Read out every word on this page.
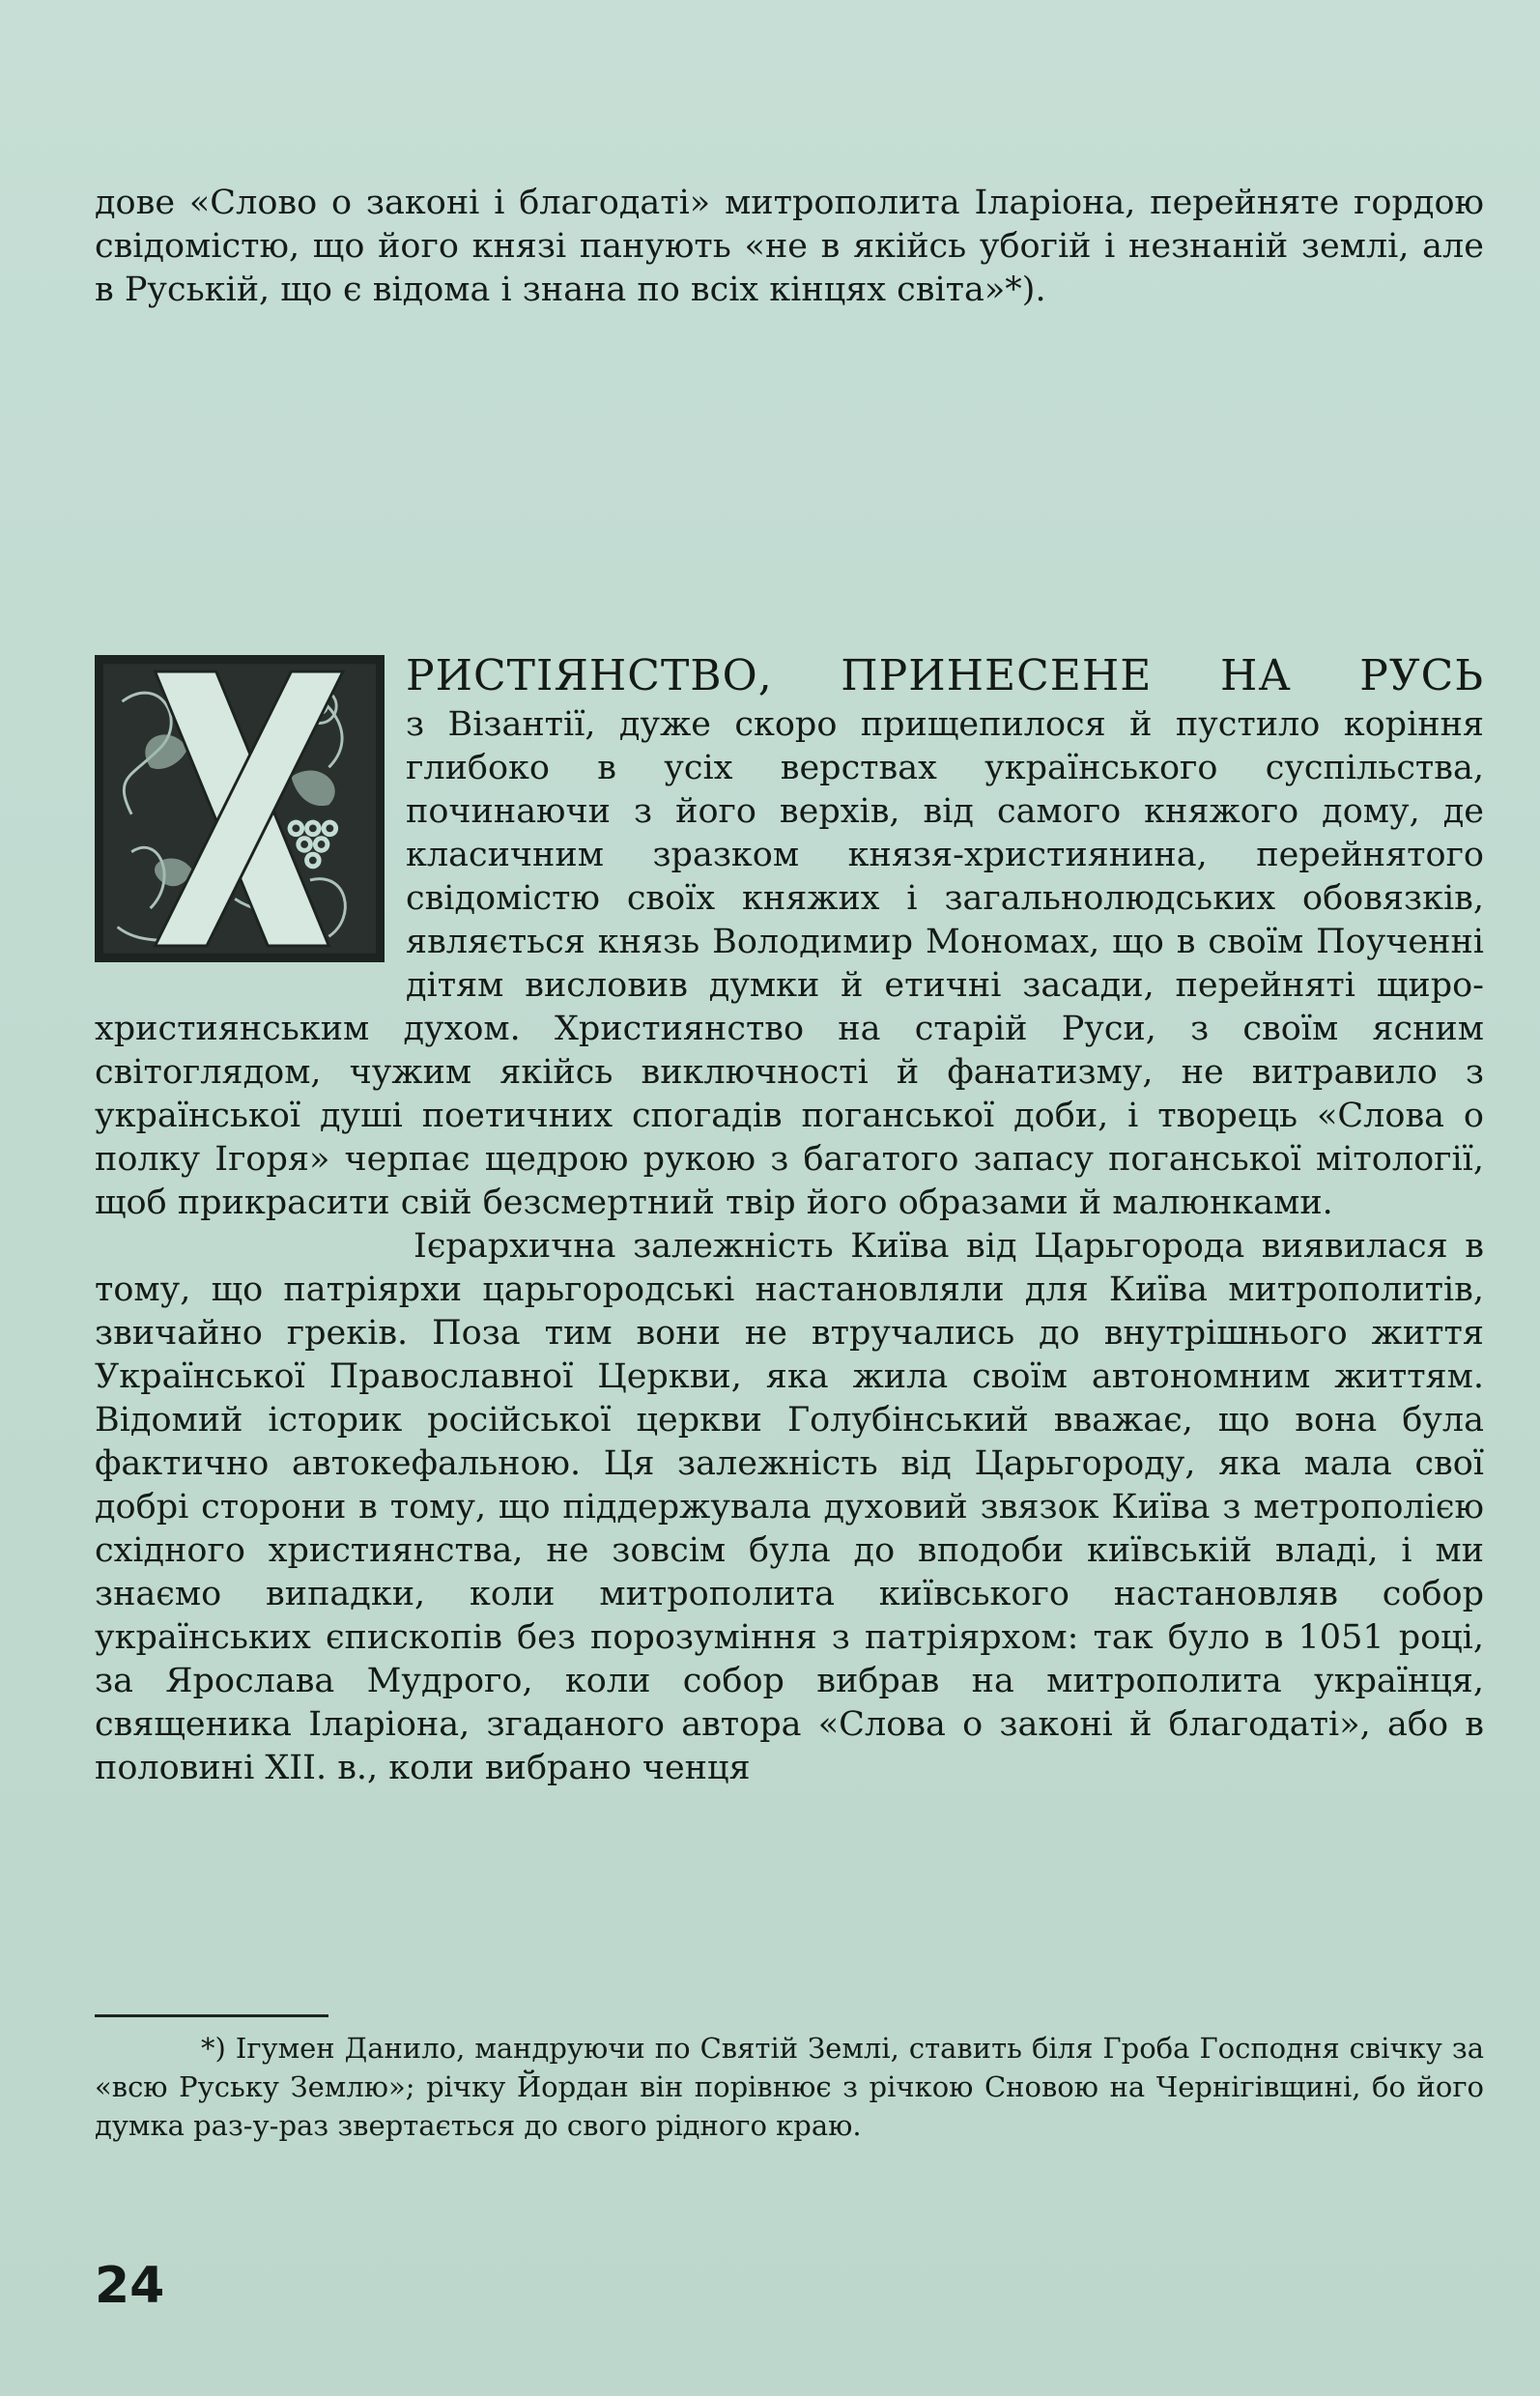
дове «Слово о законі і благодаті» митрополита Іларіона, перейняте гордою свідомістю, що його князі панують «не в якійсь убогій і незнаній землі, але в Руській, що є відома і знана по всіх кінцях світа»*).

РИСТІЯНСТВО, ПРИНЕСЕНЕ НА РУСЬ

з Візантії, дуже скоро прищепилося й пустило коріння глибоко в усіх верствах українського суспільства, починаючи з його верхів, від самого княжого дому, де класичним зразком князя-християнина, перейнятого свідомістю своїх княжих і загальнолюдських обовязків, являється князь Володимир Мономах, що в своїм Поученні дітям висловив думки й етичні засади, перейняті щиро-християнським духом. Християнство на старій Руси, з своїм ясним світоглядом, чужим якійсь виключності й фанатизму, не витравило з української душі поетичних спогадів поганської доби, і творець «Слова о полку Ігоря» черпає щедрою рукою з багатого запасу поганської мітології, щоб прикрасити свій безсмертний твір його образами й малюнками.

Ієрархична залежність Київа від Царьгорода виявилася в тому, що патріярхи царьгородські настановляли для Київа митрополитів, звичайно греків. Поза тим вони не втручались до внутрішнього життя Української Православної Церкви, яка жила своїм автономним життям. Відомий історик російської церкви Голубінський вважає, що вона була фактично автокефальною. Ця залежність від Царьгороду, яка мала свої добрі сторони в тому, що піддержувала духовий звязок Київа з метрополією східного християнства, не зовсім була до вподоби київській владі, і ми знаємо випадки, коли митрополита київського настановляв собор українських єпископів без порозуміння з патріярхом: так було в 1051 році, за Ярослава Мудрого, коли собор вибрав на митрополита українця, священика Іларіона, згаданого автора «Слова о законі й благодаті», або в половині XII. в., коли вибрано ченця

*) Ігумен Данило, мандруючи по Святій Землі, ставить біля Гроба Господня свічку за «всю Руську Землю»; річку Йордан він порівнює з річкою Сновою на Чернігівщині, бо його думка раз-у-раз звертається до свого рідного краю.

24
